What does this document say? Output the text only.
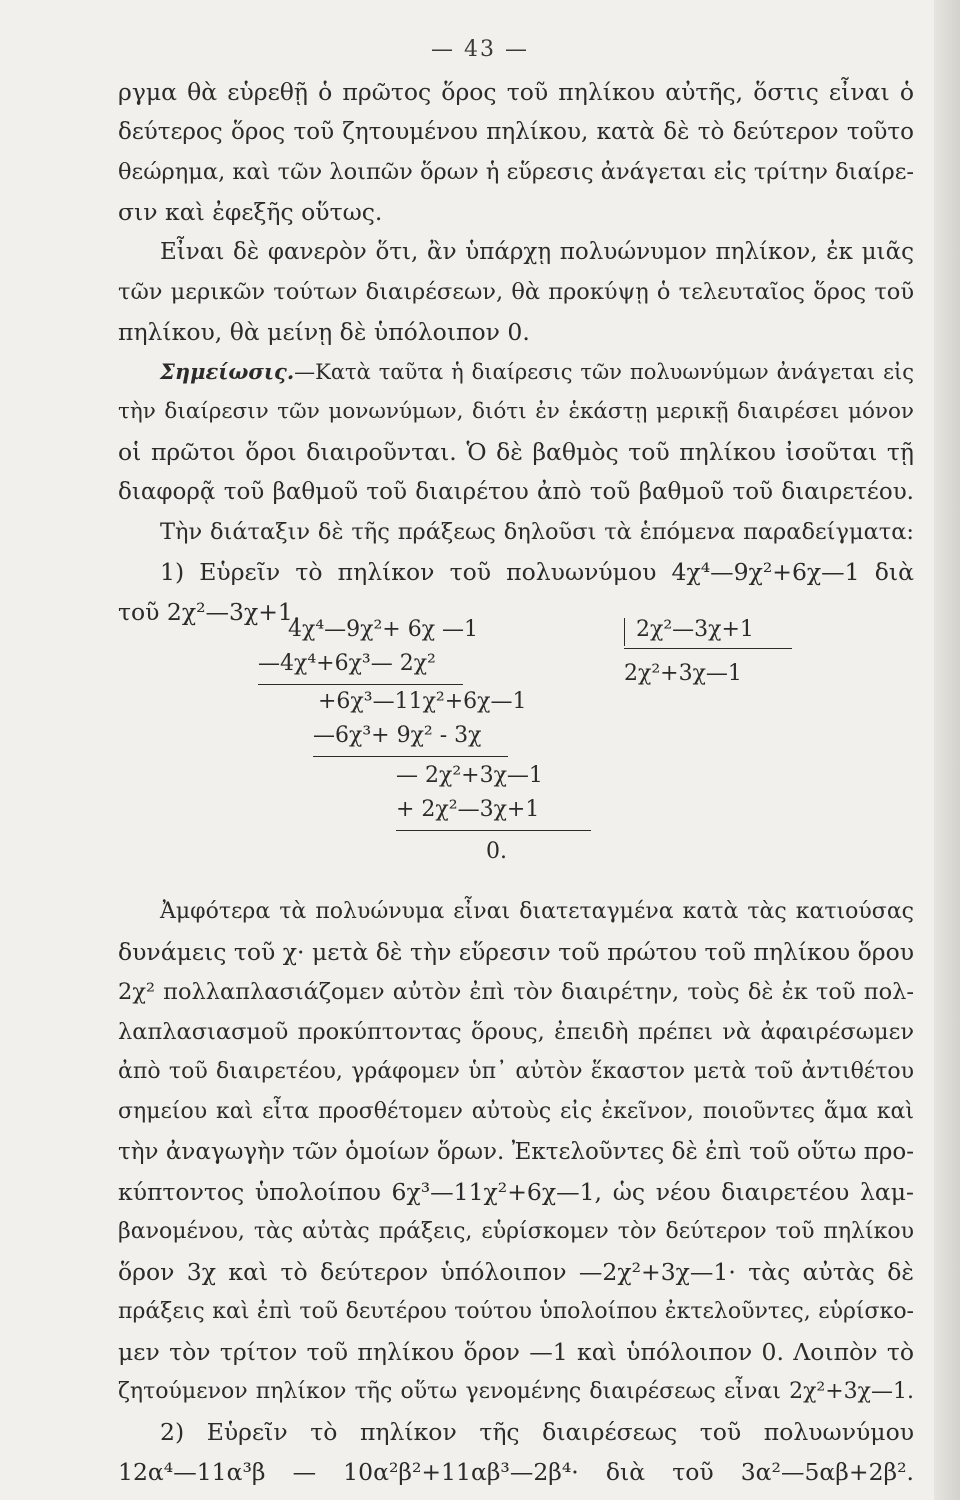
— 43 —
ργμα θὰ εὑρεθῇ ὁ πρῶτος ὅρος τοῦ πηλίκου αὐτῆς, ὅστις εἶναι ὁ
δεύτερος ὅρος τοῦ ζητουμένου πηλίκου, κατὰ δὲ τὸ δεύτερον τοῦτο
θεώρημα, καὶ τῶν λοιπῶν ὅρων ἡ εὕρεσις ἀνάγεται εἰς τρίτην διαίρε-
σιν καὶ ἐφεξῆς οὕτως.
Εἶναι δὲ φανερὸν ὅτι, ἂν ὑπάρχῃ πολυώνυμον πηλίκον, ἐκ μιᾶς
τῶν μερικῶν τούτων διαιρέσεων, θὰ προκύψῃ ὁ τελευταῖος ὅρος τοῦ
πηλίκου, θὰ μείνῃ δὲ ὑπόλοιπον 0.
Σημείωσις.—Κατὰ ταῦτα ἡ διαίρεσις τῶν πολυωνύμων ἀνάγεται εἰς
τὴν διαίρεσιν τῶν μονωνύμων, διότι ἐν ἑκάστῃ μερικῇ διαιρέσει μόνον
οἱ πρῶτοι ὅροι διαιροῦνται. Ὁ δὲ βαθμὸς τοῦ πηλίκου ἰσοῦται τῇ
διαφορᾷ τοῦ βαθμοῦ τοῦ διαιρέτου ἀπὸ τοῦ βαθμοῦ τοῦ διαιρετέου.
Τὴν διάταξιν δὲ τῆς πράξεως δηλοῦσι τὰ ἑπόμενα παραδείγματα:
1) Εὑρεῖν τὸ πηλίκον τοῦ πολυωνύμου 4χ⁴—9χ²+6χ—1 διὰ
τοῦ 2χ²—3χ+1.
4χ⁴—9χ²+ 6χ —1
—4χ⁴+6χ³— 2χ²
+6χ³—11χ²+6χ—1
—6χ³+ 9χ² - 3χ
— 2χ²+3χ—1
+ 2χ²—3χ+1
0.
2χ²—3χ+1
2χ²+3χ—1
Ἀμφότερα τὰ πολυώνυμα εἶναι διατεταγμένα κατὰ τὰς κατιούσας
δυνάμεις τοῦ χ· μετὰ δὲ τὴν εὕρεσιν τοῦ πρώτου τοῦ πηλίκου ὅρου
2χ² πολλαπλασιάζομεν αὐτὸν ἐπὶ τὸν διαιρέτην, τοὺς δὲ ἐκ τοῦ πολ-
λαπλασιασμοῦ προκύπτοντας ὅρους, ἐπειδὴ πρέπει νὰ ἀφαιρέσωμεν
ἀπὸ τοῦ διαιρετέου, γράφομεν ὑπ᾽ αὐτὸν ἕκαστον μετὰ τοῦ ἀντιθέτου
σημείου καὶ εἶτα προσθέτομεν αὐτοὺς εἰς ἐκεῖνον, ποιοῦντες ἅμα καὶ
τὴν ἀναγωγὴν τῶν ὁμοίων ὅρων. Ἐκτελοῦντες δὲ ἐπὶ τοῦ οὕτω προ-
κύπτοντος ὑπολοίπου 6χ³—11χ²+6χ—1, ὡς νέου διαιρετέου λαμ-
βανομένου, τὰς αὐτὰς πράξεις, εὑρίσκομεν τὸν δεύτερον τοῦ πηλίκου
ὅρον 3χ καὶ τὸ δεύτερον ὑπόλοιπον —2χ²+3χ—1· τὰς αὐτὰς δὲ
πράξεις καὶ ἐπὶ τοῦ δευτέρου τούτου ὑπολοίπου ἐκτελοῦντες, εὑρίσκο-
μεν τὸν τρίτον τοῦ πηλίκου ὅρον —1 καὶ ὑπόλοιπον 0. Λοιπὸν τὸ
ζητούμενον πηλίκον τῆς οὕτω γενομένης διαιρέσεως εἶναι 2χ²+3χ—1.
2) Εὑρεῖν τὸ πηλίκον τῆς διαιρέσεως τοῦ πολυωνύμου
12α⁴—11α³β — 10α²β²+11αβ³—2β⁴· διὰ τοῦ 3α²—5αβ+2β².
